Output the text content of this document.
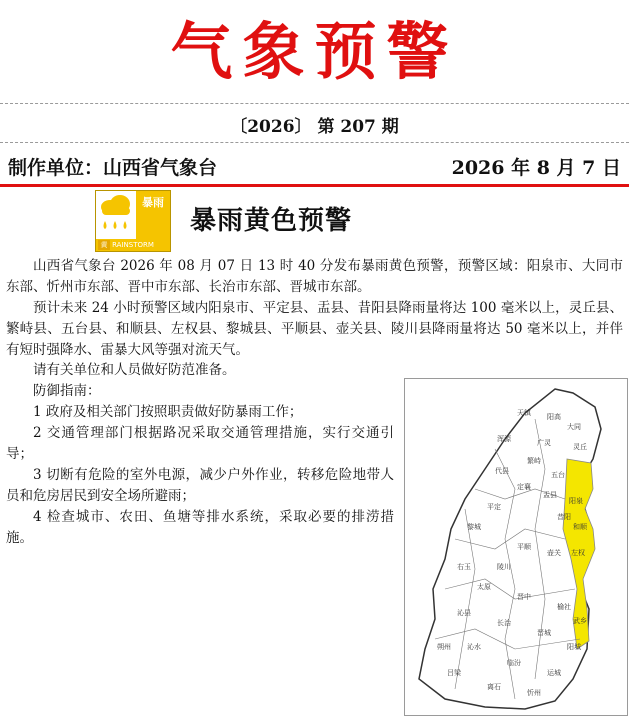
气象预警
〔2026〕 第 207 期
制作单位：山西省气象台	2026 年 8 月 7 日
暴雨
RAINSTORM
黄
暴雨黄色预警

山西省气象台 2026 年 08 月 07 日 13 时 40 分发布暴雨黄色预警，预警区域：阳泉市、大同市东部、忻州市东部、晋中市东部、长治市东部、晋城市东部。

预计未来 24 小时预警区域内阳泉市、平定县、盂县、昔阳县降雨量将达 100 毫米以上，灵丘县、繁峙县、五台县、和顺县、左权县、黎城县、平顺县、壶关县、陵川县降雨量将达 50 毫米以上，并伴有短时强降水、雷暴大风等强对流天气。

请有关单位和人员做好防范准备。

防御指南：

1 政府及相关部门按照职责做好防暴雨工作；

2 交通管理部门根据路况采取交通管理措施，实行交通引导；

3 切断有危险的室外电源，减少户外作业，转移危险地带人员和危房居民到安全场所避雨；

4 检查城市、农田、鱼塘等排水系统，采取必要的排涝措施。

天镇 阳高
大同
浑源	广灵	灵丘
繁峙
代县	五台
定襄
盂县
阳泉
平定
昔阳
和顺
左权
黎城
平顺
壶关
陵川
太原
晋中
榆社
武乡
沁县
长治
晋城
阳城
沁水
临汾
运城
吕梁
离石
忻州
朔州
右玉
